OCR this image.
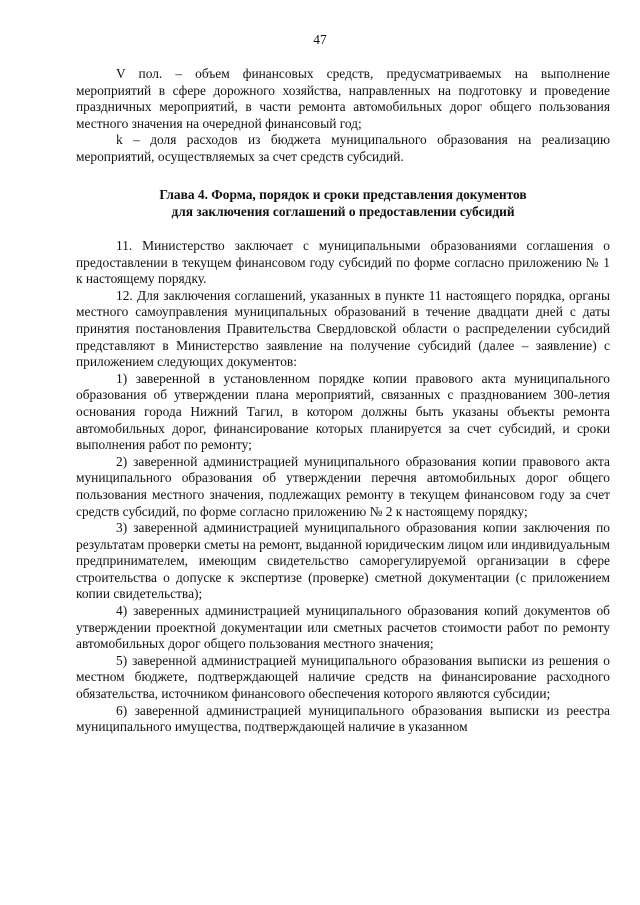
47

V пол. – объем финансовых средств, предусматриваемых на выполнение мероприятий в сфере дорожного хозяйства, направленных на подготовку и проведение праздничных мероприятий, в части ремонта автомобильных дорог общего пользования местного значения на очередной финансовый год;

k – доля расходов из бюджета муниципального образования на реализацию мероприятий, осуществляемых за счет средств субсидий.

Глава 4. Форма, порядок и сроки представления документов
для заключения соглашений о предоставлении субсидий

11. Министерство заключает с муниципальными образованиями соглашения о предоставлении в текущем финансовом году субсидий по форме согласно приложению № 1 к настоящему порядку.

12. Для заключения соглашений, указанных в пункте 11 настоящего порядка, органы местного самоуправления муниципальных образований в течение двадцати дней с даты принятия постановления Правительства Свердловской области о распределении субсидий представляют в Министерство заявление на получение субсидий (далее – заявление) с приложением следующих документов:

1) заверенной в установленном порядке копии правового акта муниципального образования об утверждении плана мероприятий, связанных с празднованием 300-летия основания города Нижний Тагил, в котором должны быть указаны объекты ремонта автомобильных дорог, финансирование которых планируется за счет субсидий, и сроки выполнения работ по ремонту;

2) заверенной администрацией муниципального образования копии правового акта муниципального образования об утверждении перечня автомобильных дорог общего пользования местного значения, подлежащих ремонту в текущем финансовом году за счет средств субсидий, по форме согласно приложению № 2 к настоящему порядку;

3) заверенной администрацией муниципального образования копии заключения по результатам проверки сметы на ремонт, выданной юридическим лицом или индивидуальным предпринимателем, имеющим свидетельство саморегулируемой организации в сфере строительства о допуске к экспертизе (проверке) сметной документации (с приложением копии свидетельства);

4) заверенных администрацией муниципального образования копий документов об утверждении проектной документации или сметных расчетов стоимости работ по ремонту автомобильных дорог общего пользования местного значения;

5) заверенной администрацией муниципального образования выписки из решения о местном бюджете, подтверждающей наличие средств на финансирование расходного обязательства, источником финансового обеспечения которого являются субсидии;

6) заверенной администрацией муниципального образования выписки из реестра муниципального имущества, подтверждающей наличие в указанном
